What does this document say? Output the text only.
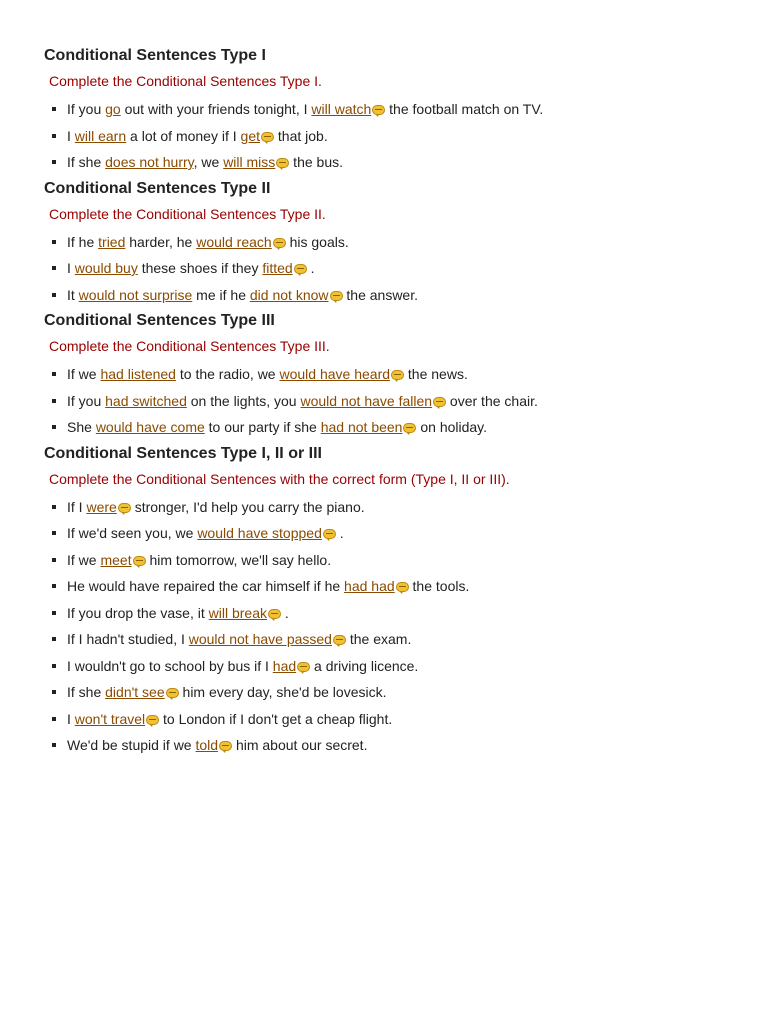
Conditional Sentences Type I
Complete the Conditional Sentences Type I.
If you go out with your friends tonight, I will watch the football match on TV.
I will earn a lot of money if I get that job.
If she does not hurry, we will miss the bus.
Conditional Sentences Type II
Complete the Conditional Sentences Type II.
If he tried harder, he would reach his goals.
I would buy these shoes if they fitted .
It would not surprise me if he did not know the answer.
Conditional Sentences Type III
Complete the Conditional Sentences Type III.
If we had listened to the radio, we would have heard the news.
If you had switched on the lights, you would not have fallen over the chair.
She would have come to our party if she had not been on holiday.
Conditional Sentences Type I, II or III
Complete the Conditional Sentences with the correct form (Type I, II or III).
If I were stronger, I'd help you carry the piano.
If we'd seen you, we would have stopped .
If we meet him tomorrow, we'll say hello.
He would have repaired the car himself if he had had the tools.
If you drop the vase, it will break .
If I hadn't studied, I would not have passed the exam.
I wouldn't go to school by bus if I had a driving licence.
If she didn't see him every day, she'd be lovesick.
I won't travel to London if I don't get a cheap flight.
We'd be stupid if we told him about our secret.
